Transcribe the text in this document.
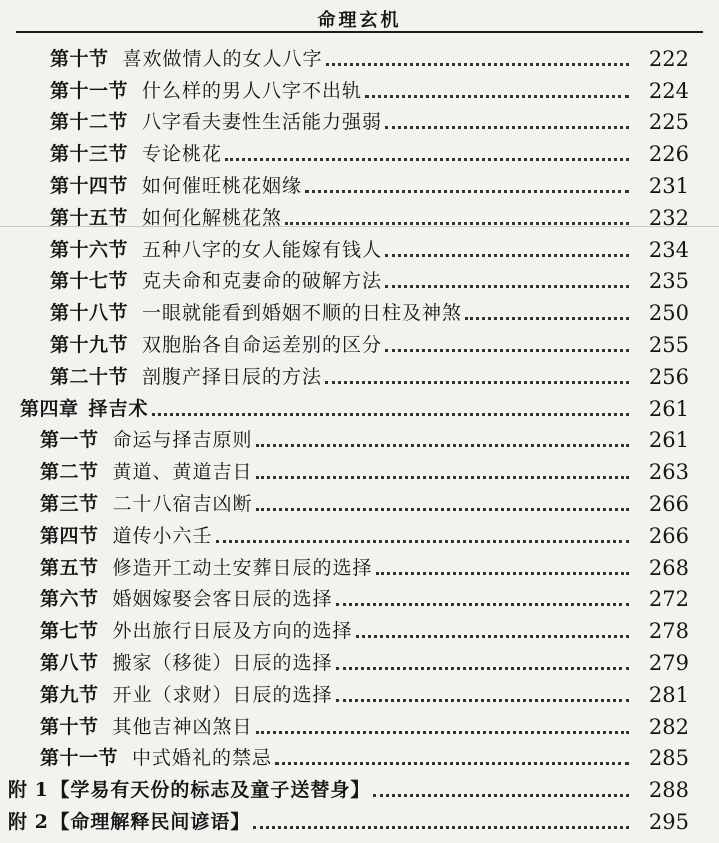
命理玄机
第十节 喜欢做情人的女人八字	222
第十一节 什么样的男人八字不出轨	224
第十二节 八字看夫妻性生活能力强弱	225
第十三节 专论桃花	226
第十四节 如何催旺桃花姻缘	231
第十五节 如何化解桃花煞	232
第十六节 五种八字的女人能嫁有钱人	234
第十七节 克夫命和克妻命的破解方法	235
第十八节 一眼就能看到婚姻不顺的日柱及神煞	250
第十九节 双胞胎各自命运差别的区分	255
第二十节 剖腹产择日辰的方法	256
第四章 择吉术	261
第一节 命运与择吉原则	261
第二节 黄道、黄道吉日	263
第三节 二十八宿吉凶断	266
第四节 道传小六壬	266
第五节 修造开工动土安葬日辰的选择	268
第六节 婚姻嫁娶会客日辰的选择	272
第七节 外出旅行日辰及方向的选择	278
第八节 搬家（移徙）日辰的选择	279
第九节 开业（求财）日辰的选择	281
第十节 其他吉神凶煞日	282
第十一节 中式婚礼的禁忌	285
附 1 【学易有天份的标志及童子送替身】	288
附 2 【命理解释民间谚语】	295
